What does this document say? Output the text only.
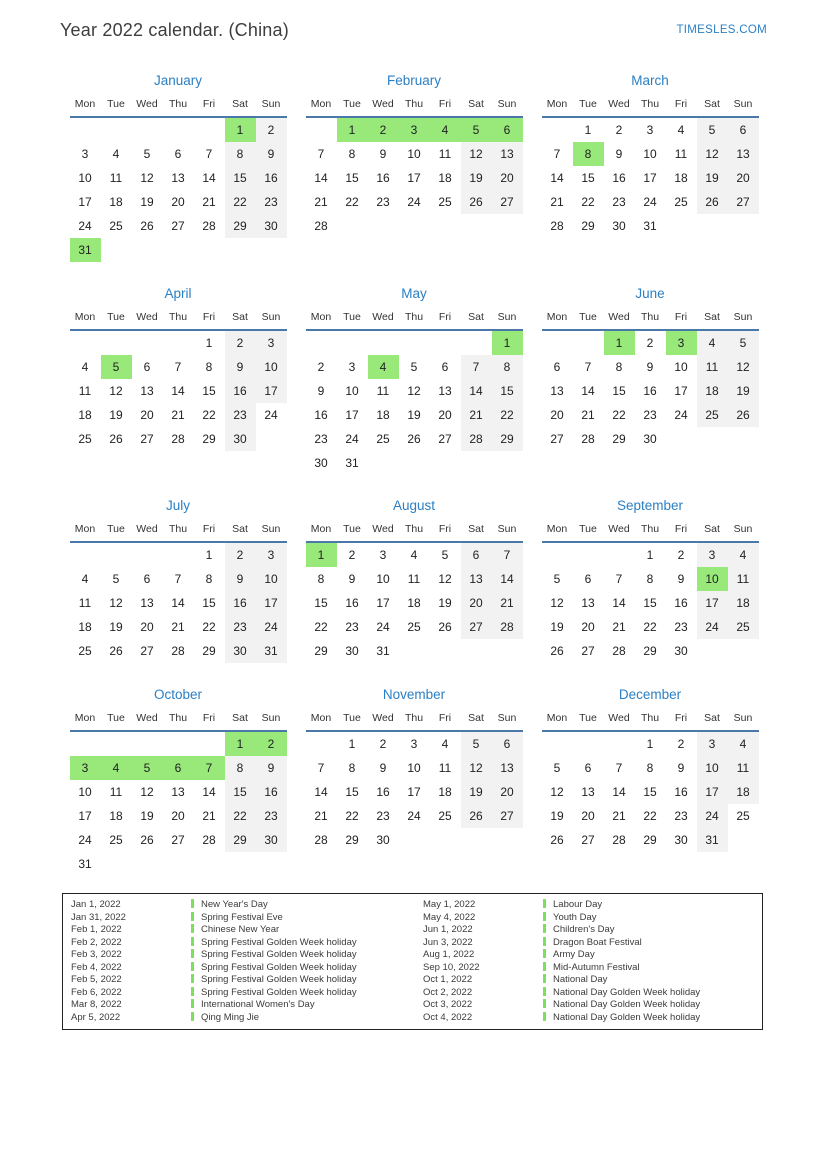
Year 2022 calendar. (China)	TIMESLES.COM
January
Mon	Tue	Wed	Thu	Fri	Sat	Sun
					1	2
3	4	5	6	7	8	9
10	11	12	13	14	15	16
17	18	19	20	21	22	23
24	25	26	27	28	29	30
31						
February
Mon	Tue	Wed	Thu	Fri	Sat	Sun
	1	2	3	4	5	6
7	8	9	10	11	12	13
14	15	16	17	18	19	20
21	22	23	24	25	26	27
28						
March
Mon	Tue	Wed	Thu	Fri	Sat	Sun
	1	2	3	4	5	6
7	8	9	10	11	12	13
14	15	16	17	18	19	20
21	22	23	24	25	26	27
28	29	30	31			
April
Mon	Tue	Wed	Thu	Fri	Sat	Sun
				1	2	3
4	5	6	7	8	9	10
11	12	13	14	15	16	17
18	19	20	21	22	23	24
25	26	27	28	29	30	
May
Mon	Tue	Wed	Thu	Fri	Sat	Sun
						1
2	3	4	5	6	7	8
9	10	11	12	13	14	15
16	17	18	19	20	21	22
23	24	25	26	27	28	29
30	31					
June
Mon	Tue	Wed	Thu	Fri	Sat	Sun
		1	2	3	4	5
6	7	8	9	10	11	12
13	14	15	16	17	18	19
20	21	22	23	24	25	26
27	28	29	30			
July
Mon	Tue	Wed	Thu	Fri	Sat	Sun
				1	2	3
4	5	6	7	8	9	10
11	12	13	14	15	16	17
18	19	20	21	22	23	24
25	26	27	28	29	30	31
August
Mon	Tue	Wed	Thu	Fri	Sat	Sun
1	2	3	4	5	6	7
8	9	10	11	12	13	14
15	16	17	18	19	20	21
22	23	24	25	26	27	28
29	30	31				
September
Mon	Tue	Wed	Thu	Fri	Sat	Sun
			1	2	3	4
5	6	7	8	9	10	11
12	13	14	15	16	17	18
19	20	21	22	23	24	25
26	27	28	29	30		
October
Mon	Tue	Wed	Thu	Fri	Sat	Sun
					1	2
3	4	5	6	7	8	9
10	11	12	13	14	15	16
17	18	19	20	21	22	23
24	25	26	27	28	29	30
31						
November
Mon	Tue	Wed	Thu	Fri	Sat	Sun
	1	2	3	4	5	6
7	8	9	10	11	12	13
14	15	16	17	18	19	20
21	22	23	24	25	26	27
28	29	30				
December
Mon	Tue	Wed	Thu	Fri	Sat	Sun
			1	2	3	4
5	6	7	8	9	10	11
12	13	14	15	16	17	18
19	20	21	22	23	24	25
26	27	28	29	30	31	
Jan 1, 2022	New Year's Day	May 1, 2022	Labour Day
Jan 31, 2022	Spring Festival Eve	May 4, 2022	Youth Day
Feb 1, 2022	Chinese New Year	Jun 1, 2022	Children's Day
Feb 2, 2022	Spring Festival Golden Week holiday	Jun 3, 2022	Dragon Boat Festival
Feb 3, 2022	Spring Festival Golden Week holiday	Aug 1, 2022	Army Day
Feb 4, 2022	Spring Festival Golden Week holiday	Sep 10, 2022	Mid-Autumn Festival
Feb 5, 2022	Spring Festival Golden Week holiday	Oct 1, 2022	National Day
Feb 6, 2022	Spring Festival Golden Week holiday	Oct 2, 2022	National Day Golden Week holiday
Mar 8, 2022	International Women's Day	Oct 3, 2022	National Day Golden Week holiday
Apr 5, 2022	Qing Ming Jie	Oct 4, 2022	National Day Golden Week holiday
